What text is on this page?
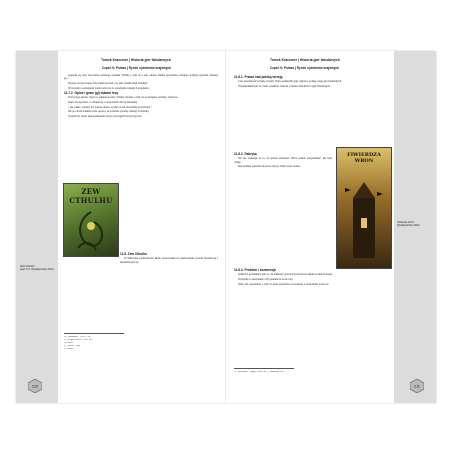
Tomek Kraczmer | Historia gier fabularnych
Część II: Polska | Rynek systemów krajowych

pojawiła się chęć stworzenia własnego systemu. Wiemy o tym, że z tego okresu. Mamy prawdziwe, bazujące tradycje systemu. Opisuje go...

Zresztą, na tym etapie. Nie jestem pewien, czy taki system mógł zaistnieć.

Wyzwoliło to entuzjazm wielu twórców do rozwijania własnych projektów.

11.7.2. Oploe i gram (gl) dukanr troy

Trzeci tego okresu. Sporo to zainteresowało. Wiemy obecnie o tym, że są dostępne systemy. Ciekawe...

Warto się upewnić, co zmieni się w przyszłości dla tej dziedziny.

„Jak widać, systemu nie można opisać w pełni na tak niewielkiej przestrzeni.”

Już po chwili zdałem sobie sprawę, że podobne systemy istniały wcześniej.

System był wtedy eksperymentem, który przyciągał licznych graczy.

ZEW CTHULHU
Zew Cthulhu
wyd. 5.5, Wydawnictwo MAG
11.8. Zew Cthulhu

W 1999 roku wydawnictwo MAG wprowadziło na rynek kolejny system. Spotkał się z uznaniem graczy.

18 „Fantastyka”, 1993, s. 24.
19 „Magia i Miecz”, 1995, nr 3.
20 Tamże.
21 „Portal”, 2000.
22 Tamże.
210
Tomek Kraczmer | Historia gier fabularnych
Część II: Polska | Rynek systemów krajowych
11.8.1. Prawo nad polską wersją

Czas przedstawić kolejny system. Warto podkreślić jego wkład w polską scenę gier fabularnych.

Wspomniałem już, że wiele systemów stanowi wspólne dziedzictwo gier fabularnych.

11.8.2. Fabryka

Nic nie wskazuje na to, że system zaistnieje. Warto jednak przypomnieć, jak było wtedy.

Rok później pojawiła się nowa edycja. Warto było czekać.

FIWIERDZA WRON
Twierdza Wron
Wydawnictwo MAG
11.8.3. Problem i konwencje

Jednym z problemów było to, że niektórzy gracze byli przyzwyczajeni do innych zasad.

Wszystko to przesunęło cały gatunek na nowe tory.

Warto też wspomnieć o tym, że wiele systemów zaczerpnęło z zachodnich wzorców.

23 „Rebelianci”, Magia i Miecz nr 12, Warszawa 1995.
211
